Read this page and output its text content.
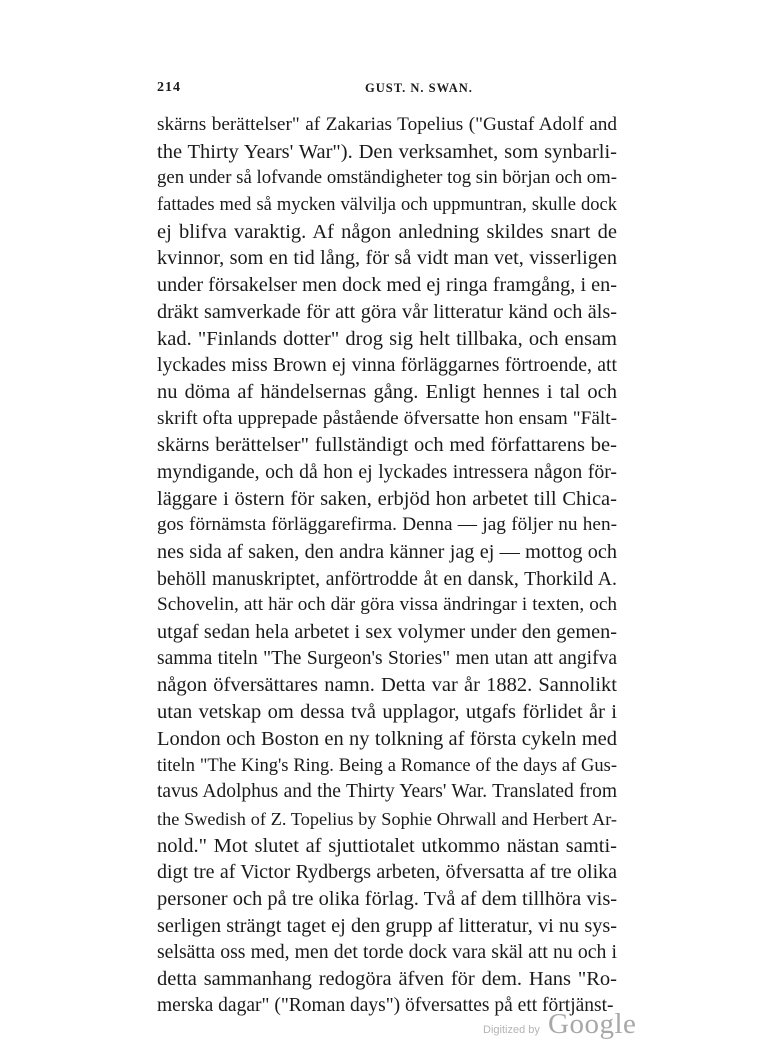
214	GUST. N. SWAN.
skärns berättelser" af Zakarias Topelius ("Gustaf Adolf and
the Thirty Years' War"). Den verksamhet, som synbarli-
gen under så lofvande omständigheter tog sin början och om-
fattades med så mycken välvilja och uppmuntran, skulle dock
ej blifva varaktig. Af någon anledning skildes snart de
kvinnor, som en tid lång, för så vidt man vet, visserligen
under försakelser men dock med ej ringa framgång, i en-
dräkt samverkade för att göra vår litteratur känd och äls-
kad. "Finlands dotter" drog sig helt tillbaka, och ensam
lyckades miss Brown ej vinna förläggarnes förtroende, att
nu döma af händelsernas gång. Enligt hennes i tal och
skrift ofta upprepade påstående öfversatte hon ensam "Fält-
skärns berättelser" fullständigt och med författarens be-
myndigande, och då hon ej lyckades intressera någon för-
läggare i östern för saken, erbjöd hon arbetet till Chica-
gos förnämsta förläggarefirma. Denna — jag följer nu hen-
nes sida af saken, den andra känner jag ej — mottog och
behöll manuskriptet, anförtrodde åt en dansk, Thorkild A.
Schovelin, att här och där göra vissa ändringar i texten, och
utgaf sedan hela arbetet i sex volymer under den gemen-
samma titeln "The Surgeon's Stories" men utan att angifva
någon öfversättares namn. Detta var år 1882. Sannolikt
utan vetskap om dessa två upplagor, utgafs förlidet år i
London och Boston en ny tolkning af första cykeln med
titeln "The King's Ring. Being a Romance of the days af Gus-
tavus Adolphus and the Thirty Years' War. Translated from
the Swedish of Z. Topelius by Sophie Ohrwall and Herbert Ar-
nold." Mot slutet af sjuttiotalet utkommo nästan samti-
digt tre af Victor Rydbergs arbeten, öfversatta af tre olika
personer och på tre olika förlag. Två af dem tillhöra vis-
serligen strängt taget ej den grupp af litteratur, vi nu sys-
selsätta oss med, men det torde dock vara skäl att nu och i
detta sammanhang redogöra äfven för dem. Hans "Ro-
merska dagar" ("Roman days") öfversattes på ett förtjänst-
Digitized by Google
